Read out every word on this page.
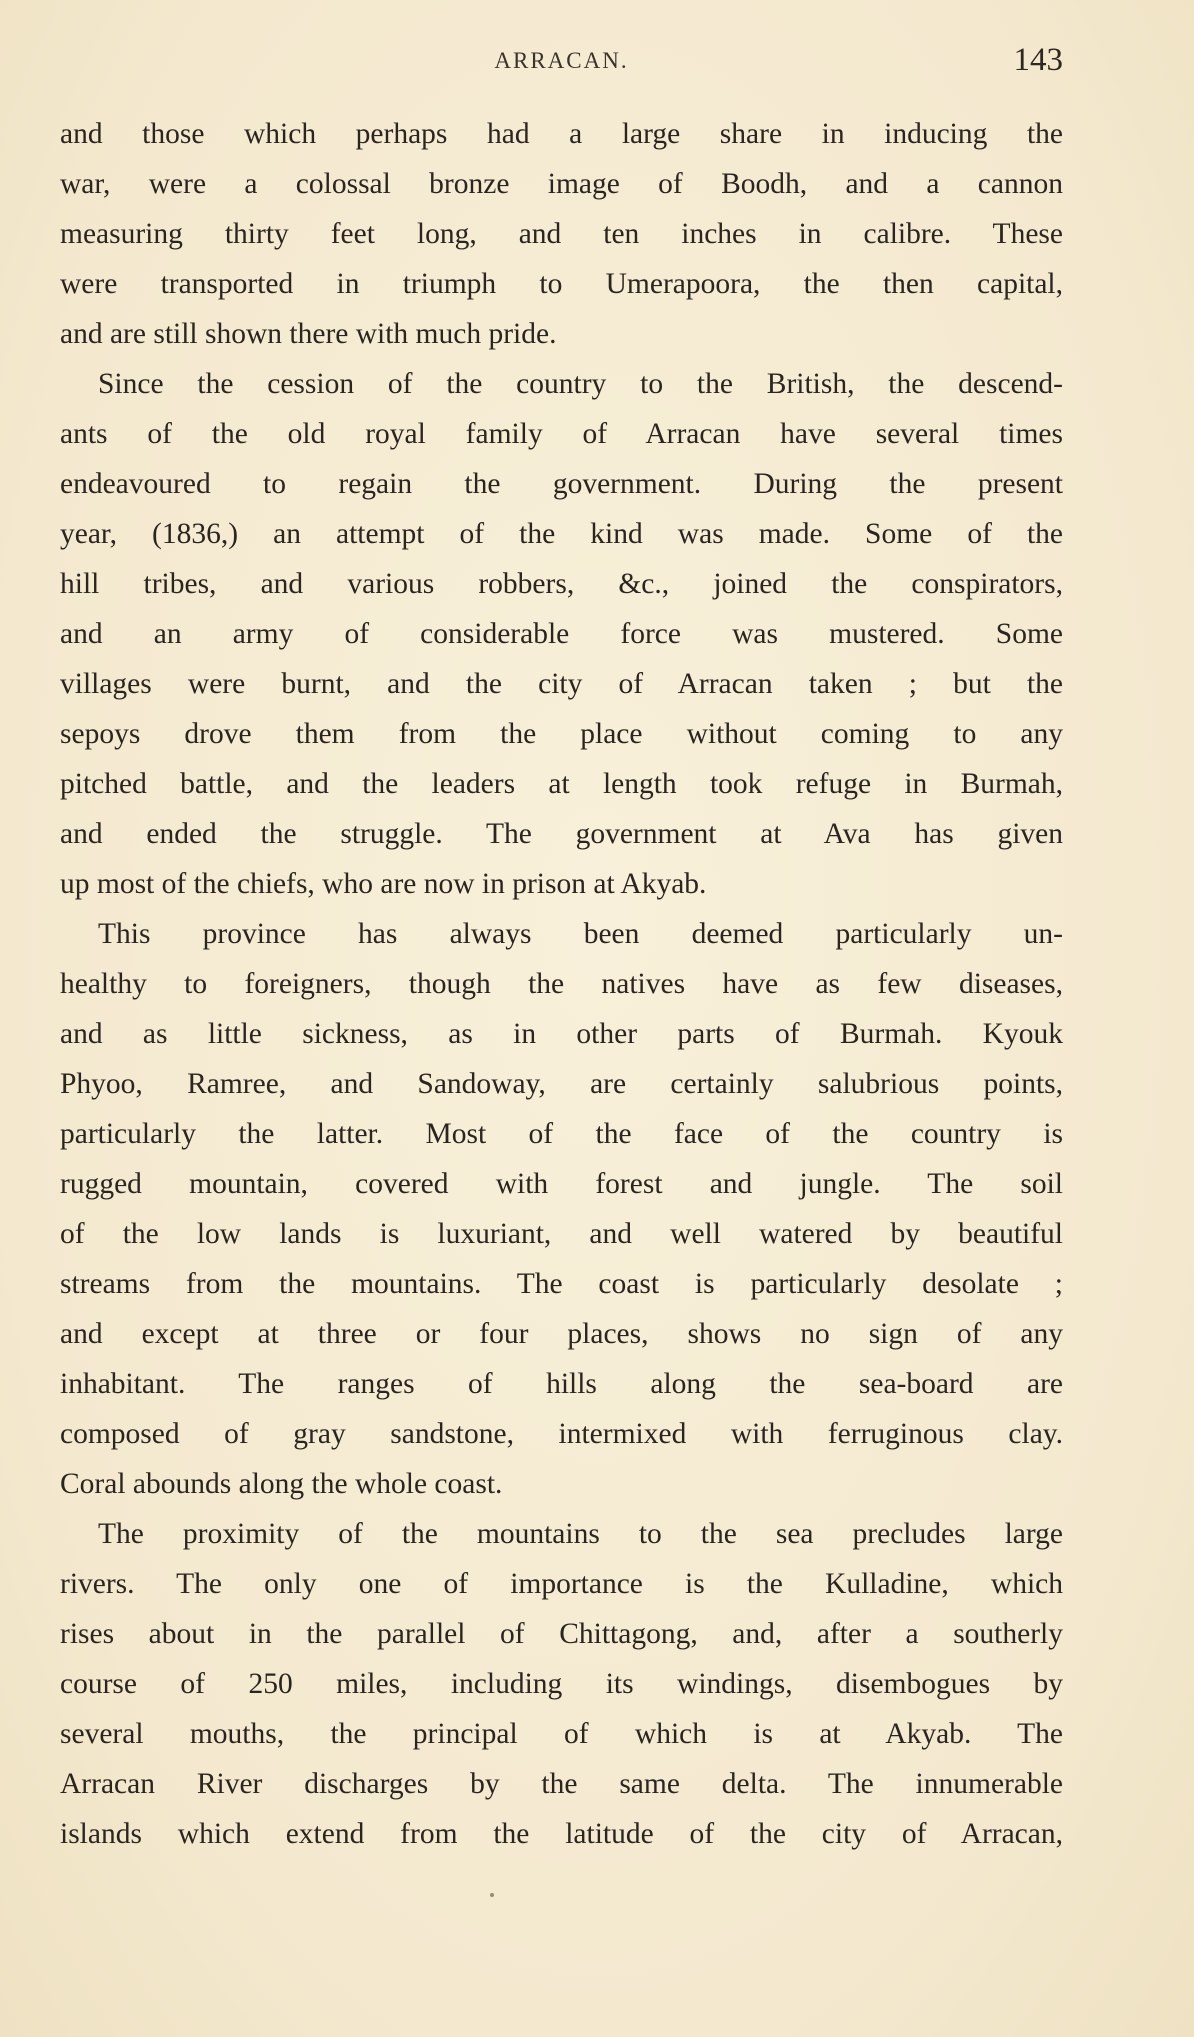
ARRACAN.	143
and those which perhaps had a large share in inducing the
war, were a colossal bronze image of Boodh, and a cannon
measuring thirty feet long, and ten inches in calibre. These
were transported in triumph to Umerapoora, the then capital,
and are still shown there with much pride.
Since the cession of the country to the British, the descend-
ants of the old royal family of Arracan have several times
endeavoured to regain the government. During the present
year, (1836,) an attempt of the kind was made. Some of the
hill tribes, and various robbers, &c., joined the conspirators,
and an army of considerable force was mustered. Some
villages were burnt, and the city of Arracan taken ; but the
sepoys drove them from the place without coming to any
pitched battle, and the leaders at length took refuge in Burmah,
and ended the struggle. The government at Ava has given
up most of the chiefs, who are now in prison at Akyab.
This province has always been deemed particularly un-
healthy to foreigners, though the natives have as few diseases,
and as little sickness, as in other parts of Burmah. Kyouk
Phyoo, Ramree, and Sandoway, are certainly salubrious points,
particularly the latter. Most of the face of the country is
rugged mountain, covered with forest and jungle. The soil
of the low lands is luxuriant, and well watered by beautiful
streams from the mountains. The coast is particularly desolate ;
and except at three or four places, shows no sign of any
inhabitant. The ranges of hills along the sea-board are
composed of gray sandstone, intermixed with ferruginous clay.
Coral abounds along the whole coast.
The proximity of the mountains to the sea precludes large
rivers. The only one of importance is the Kulladine, which
rises about in the parallel of Chittagong, and, after a southerly
course of 250 miles, including its windings, disembogues by
several mouths, the principal of which is at Akyab. The
Arracan River discharges by the same delta. The innumerable
islands which extend from the latitude of the city of Arracan,
